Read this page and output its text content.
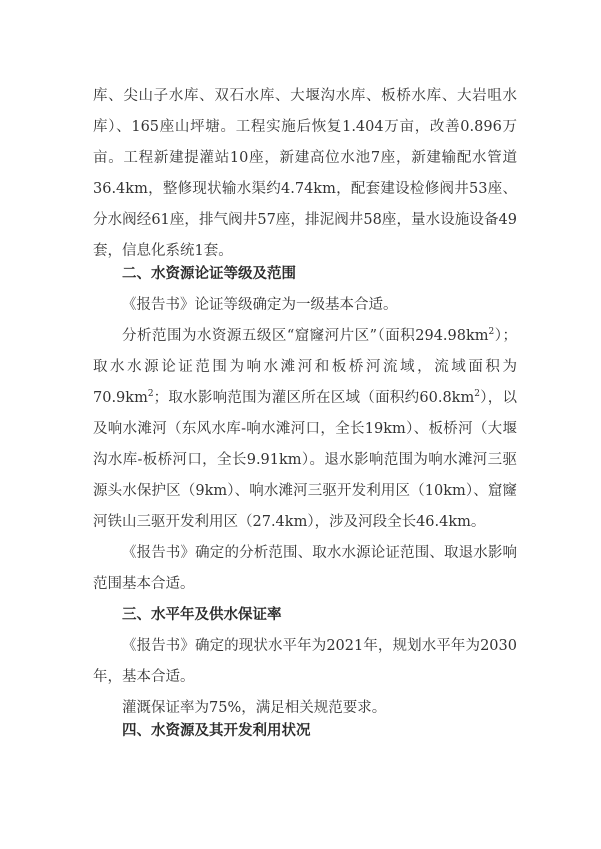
库、尖山子水库、双石水库、大堰沟水库、板桥水库、大岩咀水库）、165座山坪塘。工程实施后恢复1.404万亩，改善0.896万亩。工程新建提灌站10座，新建高位水池7座，新建输配水管道36.4km，整修现状输水渠约4.74km，配套建设检修阀井53座、分水阀经61座，排气阀井57座，排泥阀井58座，量水设施设备49套，信息化系统1套。

二、水资源论证等级及范围

《报告书》论证等级确定为一级基本合适。

分析范围为水资源五级区“窟窿河片区”（面积$294.98km^2$）；取水水源论证范围为响水滩河和板桥河流域，流域面积为$70.9km^2$；取水影响范围为灌区所在区域（面积约$60.8km^2$），以及响水滩河（东风水库-响水滩河口，全长19km）、板桥河（大堰沟水库-板桥河口，全长9.91km）。退水影响范围为响水滩河三驱源头水保护区（9km）、响水滩河三驱开发利用区（10km）、窟窿河铁山三驱开发利用区（27.4km），涉及河段全长46.4km。

《报告书》确定的分析范围、取水水源论证范围、取退水影响范围基本合适。

三、水平年及供水保证率

《报告书》确定的现状水平年为2021年，规划水平年为2030年，基本合适。

灌溉保证率为75%，满足相关规范要求。

四、水资源及其开发利用状况
